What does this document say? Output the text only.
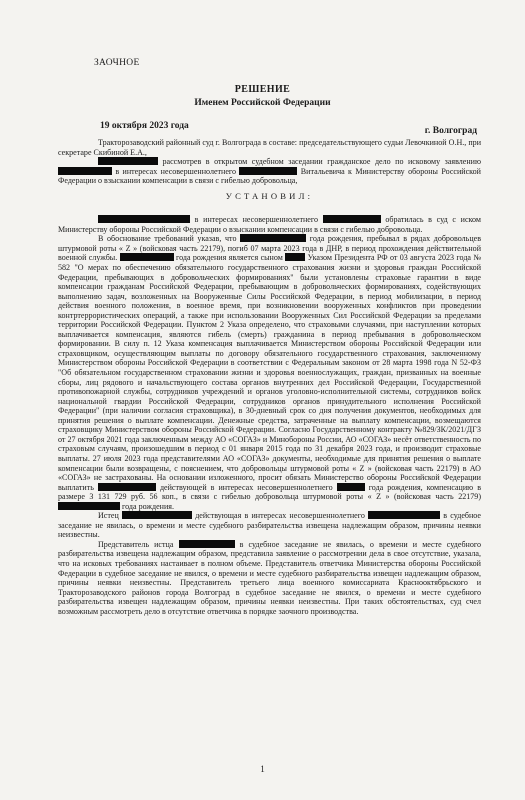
ЗАОЧНОЕ
РЕШЕНИЕ
Именем Российской Федерации
19 октября 2023 года	г. Волгоград

Тракторозаводский районный суд г. Волгограда в составе: председательствующего судьи Левочкиной О.Н., при секретаре Скибиной Е.А.,

рассмотрев в открытом судебном заседании гражданское дело по исковому заявлению  в интересах несовершеннолетнего	Витальевича к Министерству обороны Российской Федерации о взыскании компенсации в связи с гибелью добровольца,

УСТАНОВИЛ:

в интересах несовершеннолетнего	обратилась в суд с иском Министерству обороны Российской Федерации о взыскании компенсации в связи с гибелью добровольца.

В обоснование требований указав, что	года рождения, пребывал в рядах добровольцев штурмовой роты « Z » (войсковая часть 22179), погиб 07 марта 2023 года в ДНР, в период прохождения действительной военной службы.	года рождения является сыном	Указом Президента РФ от 03 августа 2023 года № 582 "О мерах по обеспечению обязательного государственного страхования жизни и здоровья граждан Российской Федерации, пребывающих в добровольческих формированиях" были установлены страховые гарантии в виде компенсации гражданам Российской Федерации, пребывающим в добровольческих формированиях, содействующих выполнению задач, возложенных на Вооруженные Силы Российской Федерации, в период мобилизации, в период действия военного положения, в военное время, при возникновении вооруженных конфликтов при проведении контртеррористических операций, а также при использовании Вооруженных Сил Российской Федерации за пределами территории Российской Федерации. Пунктом 2 Указа определено, что страховыми случаями, при наступлении которых выплачивается компенсация, являются гибель (смерть) гражданина в период пребывания в добровольческом формировании. В силу п. 12 Указа компенсация выплачивается Министерством обороны Российской Федерации или страховщиком, осуществляющим выплаты по договору обязательного государственного страхования, заключенному Министерством обороны Российской Федерации в соответствии с Федеральным законом от 28 марта 1998 года N 52-ФЗ "Об обязательном государственном страховании жизни и здоровья военнослужащих, граждан, призванных на военные сборы, лиц рядового и начальствующего состава органов внутренних дел Российской Федерации, Государственной противопожарной службы, сотрудников учреждений и органов уголовно-исполнительной системы, сотрудников войск национальной гвардии Российской Федерации, сотрудников органов принудительного исполнения Российской Федерации" (при наличии согласия страховщика), в 30-дневный срок со дня получения документов, необходимых для принятия решения о выплате компенсации. Денежные средства, затраченные на выплату компенсации, возмещаются страховщику Министерством обороны Российской Федерации. Согласно Государственному контракту №829/ЗК/2021/ДГЗ от 27 октября 2021 года заключенным между АО «СОГАЗ» и Минобороны России, АО «СОГАЗ» несёт ответственность по страховым случаям, произошедшим в период с 01 января 2015 года по 31 декабря 2023 года, и производит страховые выплаты. 27 июля 2023 года представителями АО «СОГАЗ» документы, необходимые для принятия решения о выплате компенсации были возвращены, с пояснением, что добровольцы штурмовой роты « Z » (войсковая часть 22179) в АО «СОГАЗ» не застрахованы. На основании изложенного, просит обязать Министерство обороны Российской Федерации выплатить	действующей в интересах несовершеннолетнего	года рождения, компенсацию в размере 3 131 729 руб. 56 коп., в связи с гибелью добровольца штурмовой роты « Z » (войсковая часть 22179)  года рождения.

Истец	действующая в интересах несовершеннолетнего	в судебное заседание не явилась, о времени и месте судебного разбирательства извещена надлежащим образом, причины неявки неизвестны.

Представитель истца	в судебное заседание не явилась, о времени и месте судебного разбирательства извещена надлежащим образом, представила заявление о рассмотрении дела в свое отсутствие, указала, что на исковых требованиях настаивает в полном объеме. Представитель ответчика Министерства обороны Российской Федерации в судебное заседание не явился, о времени и месте судебного разбирательства извещен надлежащим образом, причины неявки неизвестны. Представитель третьего лица военного комиссариата Краснооктябрьского и Тракторозаводского районов города Волгоград в судебное заседание не явился, о времени и месте судебного разбирательства извещен надлежащим образом, причины неявки неизвестны. При таких обстоятельствах, суд счел возможным рассмотреть дело в отсутствие ответчика в порядке заочного производства.

1
